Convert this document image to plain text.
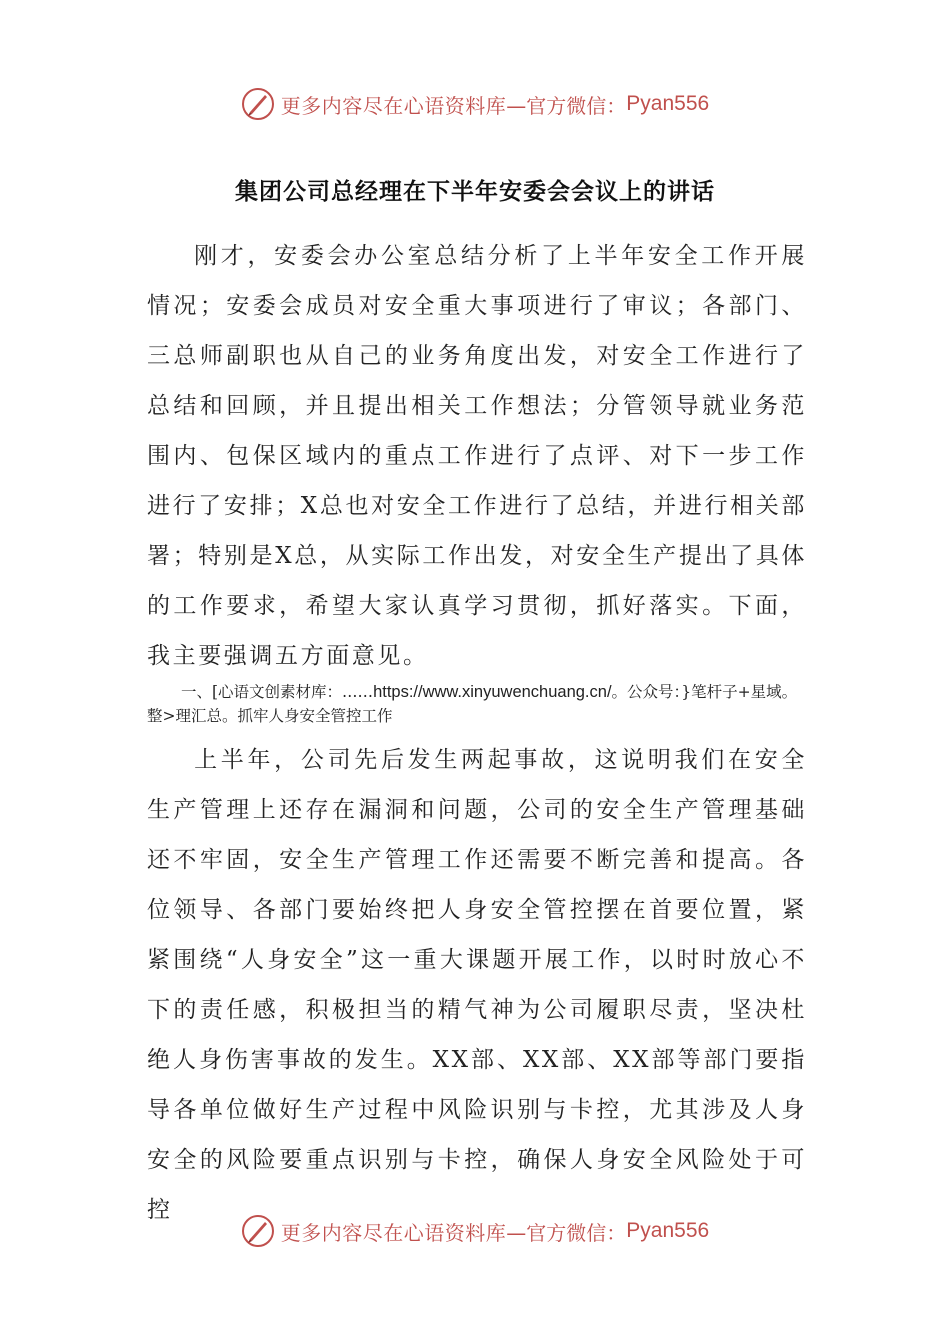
更多内容尽在心语资料库 —官方微信： Pyan556
集团公司总经理在下半年安委会会议上的讲话

刚才，安委会办公室总结分析了上半年安全工作开展情况；安委会成员对安全重大事项进行了审议；各部门、三总师副职也从自己的业务角度出发，对安全工作进行了总结和回顾，并且提出相关工作想法；分管领导就业务范围内、包保区域内的重点工作进行了点评、对下一步工作进行了安排；X总也对安全工作进行了总结，并进行相关部署；特别是X总，从实际工作出发，对安全生产提出了具体的工作要求，希望大家认真学习贯彻，抓好落实。下面，我主要强调五方面意见。

一、[心语文创素材库：……https://www.xinyuwenchuang.cn/。公众号：}笔杆子+星域。整>理汇总。抓牢人身安全管控工作

上半年，公司先后发生两起事故，这说明我们在安全生产管理上还存在漏洞和问题，公司的安全生产管理基础还不牢固，安全生产管理工作还需要不断完善和提高。各位领导、各部门要始终把人身安全管控摆在首要位置，紧紧围绕“人身安全”这一重大课题开展工作，以时时放心不下的责任感，积极担当的精气神为公司履职尽责，坚决杜绝人身伤害事故的发生。XX部、XX部、XX部等部门要指导各单位做好生产过程中风险识别与卡控，尤其涉及人身安全的风险要重点识别与卡控，确保人身安全风险处于可控

更多内容尽在心语资料库 —官方微信： Pyan556
